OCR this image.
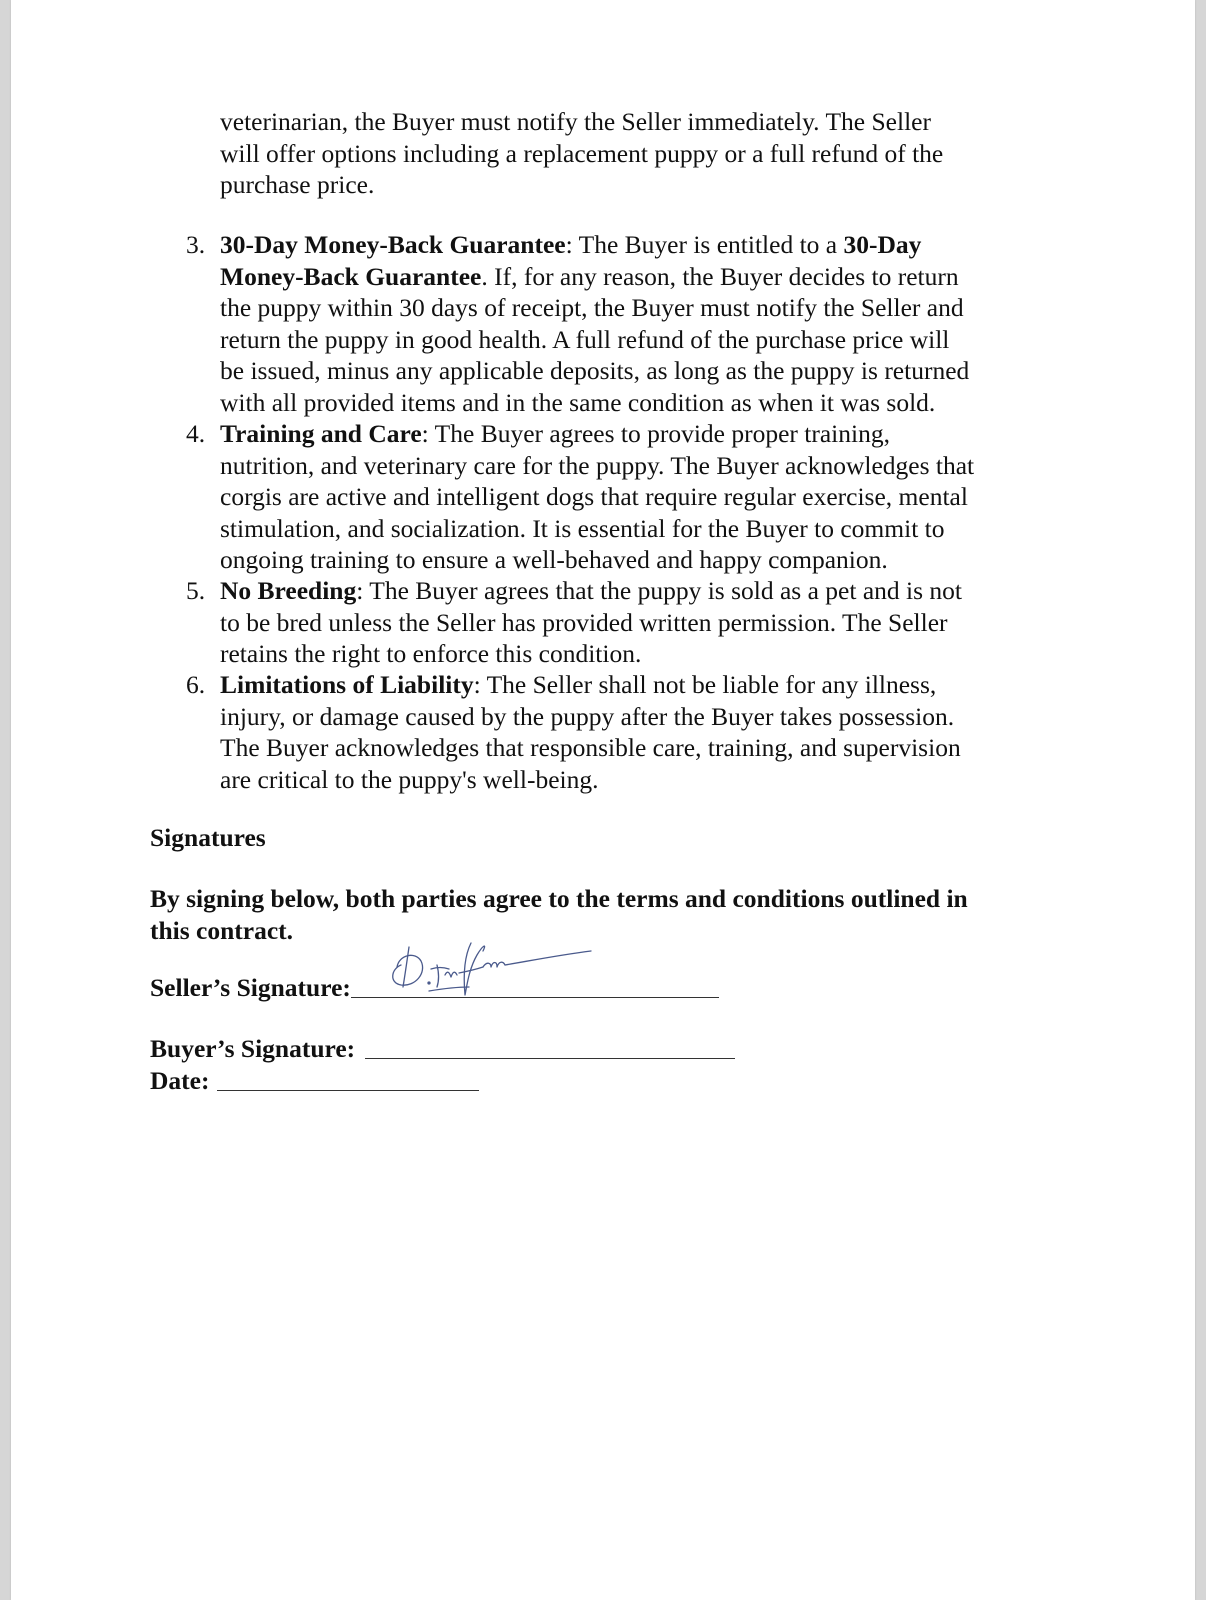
veterinarian, the Buyer must notify the Seller immediately. The Seller
will offer options including a replacement puppy or a full refund of the
purchase price.
3. 30-Day Money-Back Guarantee: The Buyer is entitled to a 30-Day
Money-Back Guarantee. If, for any reason, the Buyer decides to return
the puppy within 30 days of receipt, the Buyer must notify the Seller and
return the puppy in good health. A full refund of the purchase price will
be issued, minus any applicable deposits, as long as the puppy is returned
with all provided items and in the same condition as when it was sold.
4. Training and Care: The Buyer agrees to provide proper training,
nutrition, and veterinary care for the puppy. The Buyer acknowledges that
corgis are active and intelligent dogs that require regular exercise, mental
stimulation, and socialization. It is essential for the Buyer to commit to
ongoing training to ensure a well-behaved and happy companion.
5. No Breeding: The Buyer agrees that the puppy is sold as a pet and is not
to be bred unless the Seller has provided written permission. The Seller
retains the right to enforce this condition.
6. Limitations of Liability: The Seller shall not be liable for any illness,
injury, or damage caused by the puppy after the Buyer takes possession.
The Buyer acknowledges that responsible care, training, and supervision
are critical to the puppy's well-being.
Signatures
By signing below, both parties agree to the terms and conditions outlined in
this contract.
Seller’s Signature:
Buyer’s Signature:
Date:
